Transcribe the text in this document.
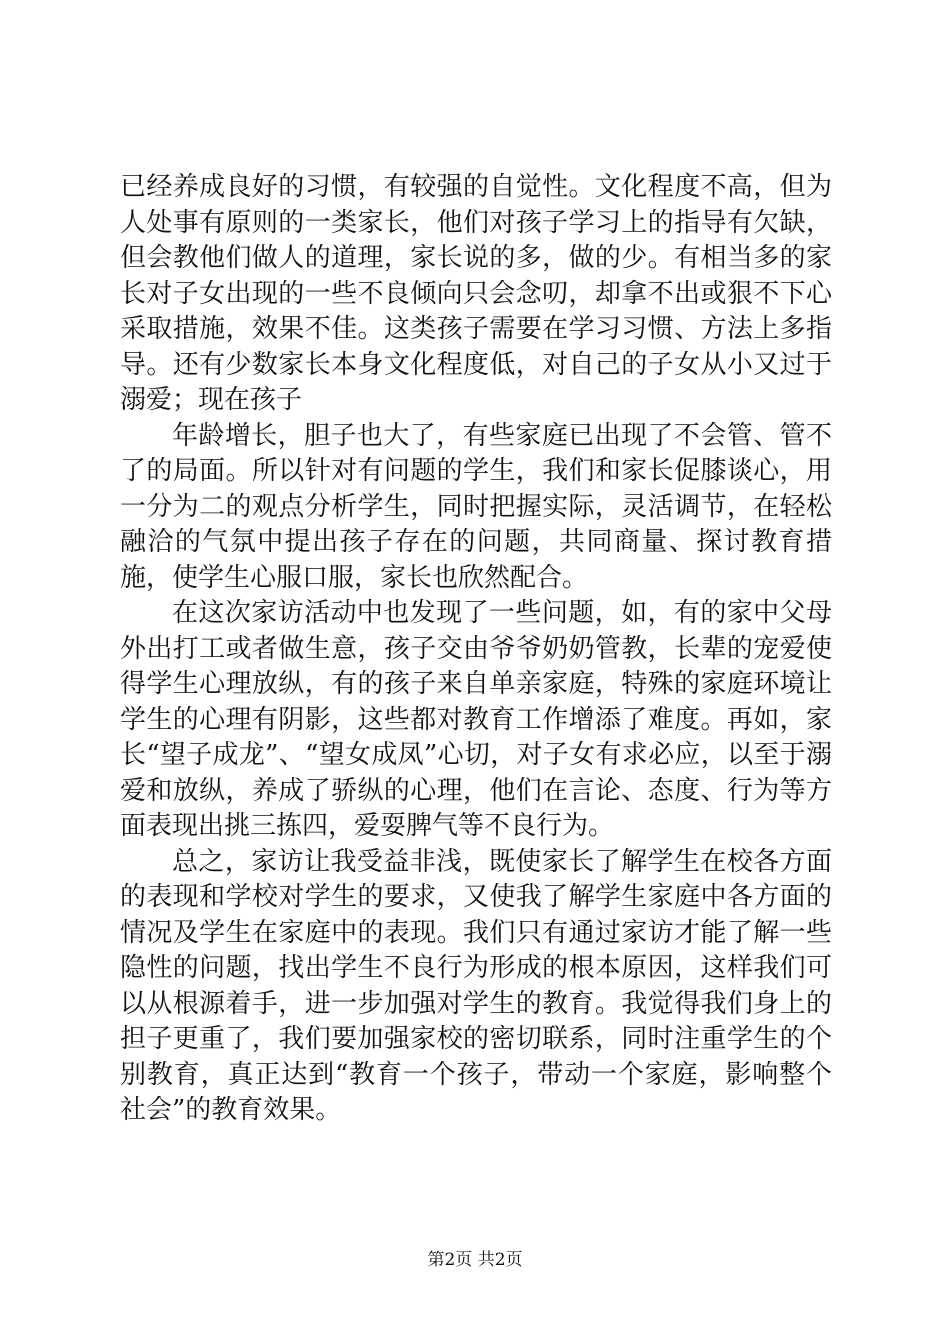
已经养成良好的习惯，有较强的自觉性。文化程度不高，但为人处事有原则的一类家长，他们对孩子学习上的指导有欠缺，但会教他们做人的道理，家长说的多，做的少。有相当多的家长对子女出现的一些不良倾向只会念叨，却拿不出或狠不下心采取措施，效果不佳。这类孩子需要在学习习惯、方法上多指导。还有少数家长本身文化程度低，对自己的子女从小又过于溺爱；现在孩子

年龄增长，胆子也大了，有些家庭已出现了不会管、管不了的局面。所以针对有问题的学生，我们和家长促膝谈心，用一分为二的观点分析学生，同时把握实际，灵活调节，在轻松融洽的气氛中提出孩子存在的问题，共同商量、探讨教育措施，使学生心服口服，家长也欣然配合。

在这次家访活动中也发现了一些问题，如，有的家中父母外出打工或者做生意，孩子交由爷爷奶奶管教，长辈的宠爱使得学生心理放纵，有的孩子来自单亲家庭，特殊的家庭环境让学生的心理有阴影，这些都对教育工作增添了难度。再如，家长“望子成龙”、“望女成凤”心切，对子女有求必应，以至于溺爱和放纵，养成了骄纵的心理，他们在言论、态度、行为等方面表现出挑三拣四，爱耍脾气等不良行为。

总之，家访让我受益非浅，既使家长了解学生在校各方面的表现和学校对学生的要求，又使我了解学生家庭中各方面的情况及学生在家庭中的表现。我们只有通过家访才能了解一些隐性的问题，找出学生不良行为形成的根本原因，这样我们可以从根源着手，进一步加强对学生的教育。我觉得我们身上的担子更重了，我们要加强家校的密切联系，同时注重学生的个别教育，真正达到“教育一个孩子，带动一个家庭，影响整个社会”的教育效果。

第2页 共2页
